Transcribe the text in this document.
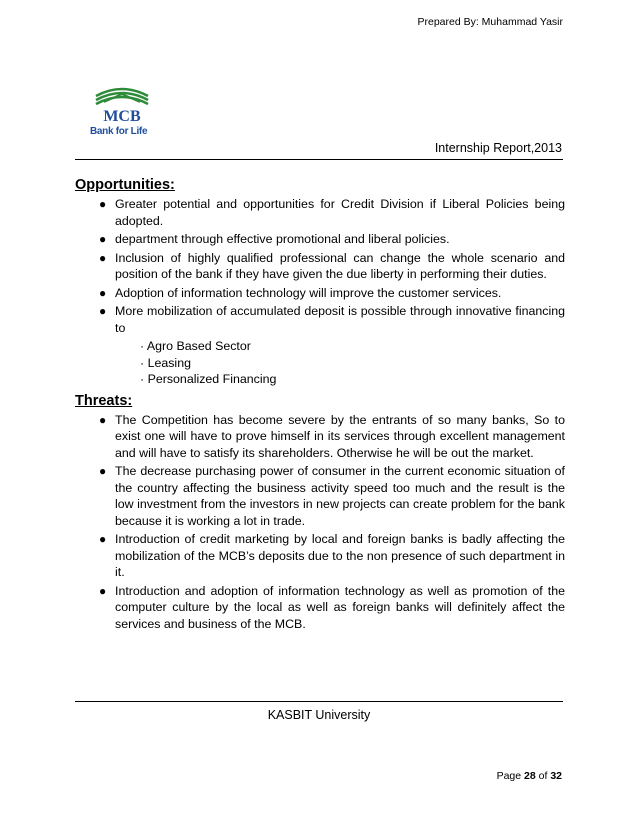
Prepared By: Muhammad Yasir
MCB
Bank for Life
Internship Report,2013
Opportunities:
● Greater potential and opportunities for Credit Division if Liberal Policies being adopted.
● department through effective promotional and liberal policies.
● Inclusion of highly qualified professional can change the whole scenario and position of the bank if they have given the due liberty in performing their duties.
● Adoption of information technology will improve the customer services.
● More mobilization of accumulated deposit is possible through innovative financing to
· Agro Based Sector
· Leasing
· Personalized Financing
Threats:
● The Competition has become severe by the entrants of so many banks, So to exist one will have to prove himself in its services through excellent management and will have to satisfy its shareholders. Otherwise he will be out the market.
● The decrease purchasing power of consumer in the current economic situation of the country affecting the business activity speed too much and the result is the low investment from the investors in new projects can create problem for the bank because it is working a lot in trade.
● Introduction of credit marketing by local and foreign banks is badly affecting the mobilization of the MCB’s deposits due to the non presence of such department in it.
● Introduction and adoption of information technology as well as promotion of the computer culture by the local as well as foreign banks will definitely affect the services and business of the MCB.
KASBIT University
Page 28 of 32
